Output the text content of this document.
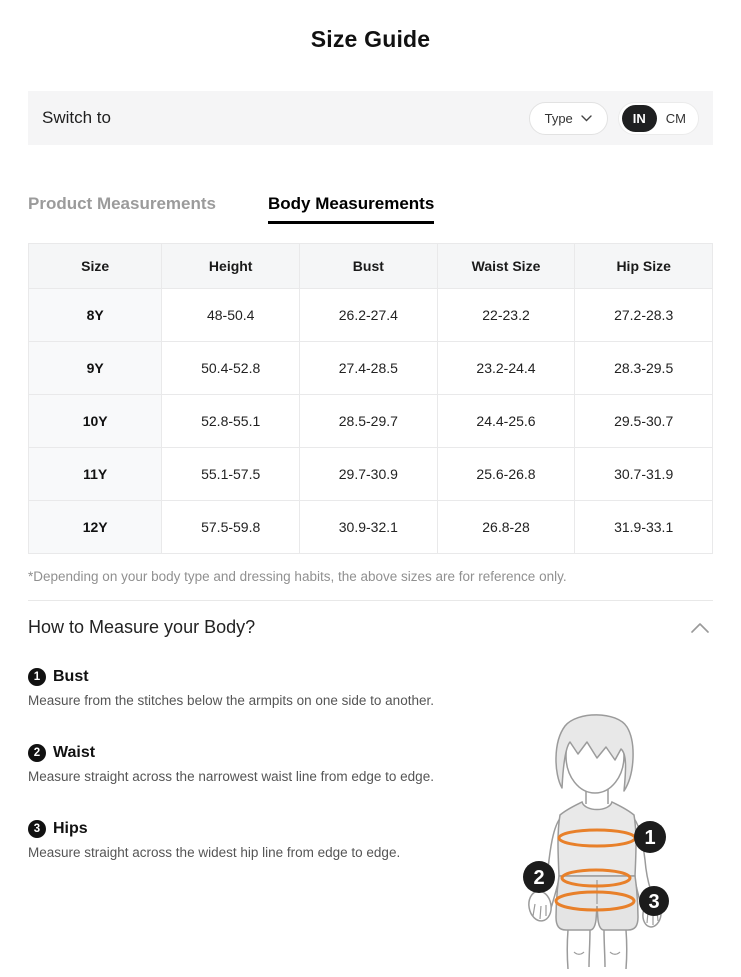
Size Guide
Switch to	Type	IN	CM
Product Measurements	Body Measurements
Size	Height	Bust	Waist Size	Hip Size
8Y	48-50.4	26.2-27.4	22-23.2	27.2-28.3
9Y	50.4-52.8	27.4-28.5	23.2-24.4	28.3-29.5
10Y	52.8-55.1	28.5-29.7	24.4-25.6	29.5-30.7
11Y	55.1-57.5	29.7-30.9	25.6-26.8	30.7-31.9
12Y	57.5-59.8	30.9-32.1	26.8-28	31.9-33.1

*Depending on your body type and dressing habits, the above sizes are for reference only.

How to Measure your Body?
1 Bust

Measure from the stitches below the armpits on one side to another.

2 Waist

Measure straight across the narrowest waist line from edge to edge.

3 Hips

Measure straight across the widest hip line from edge to edge.

1
2
3
